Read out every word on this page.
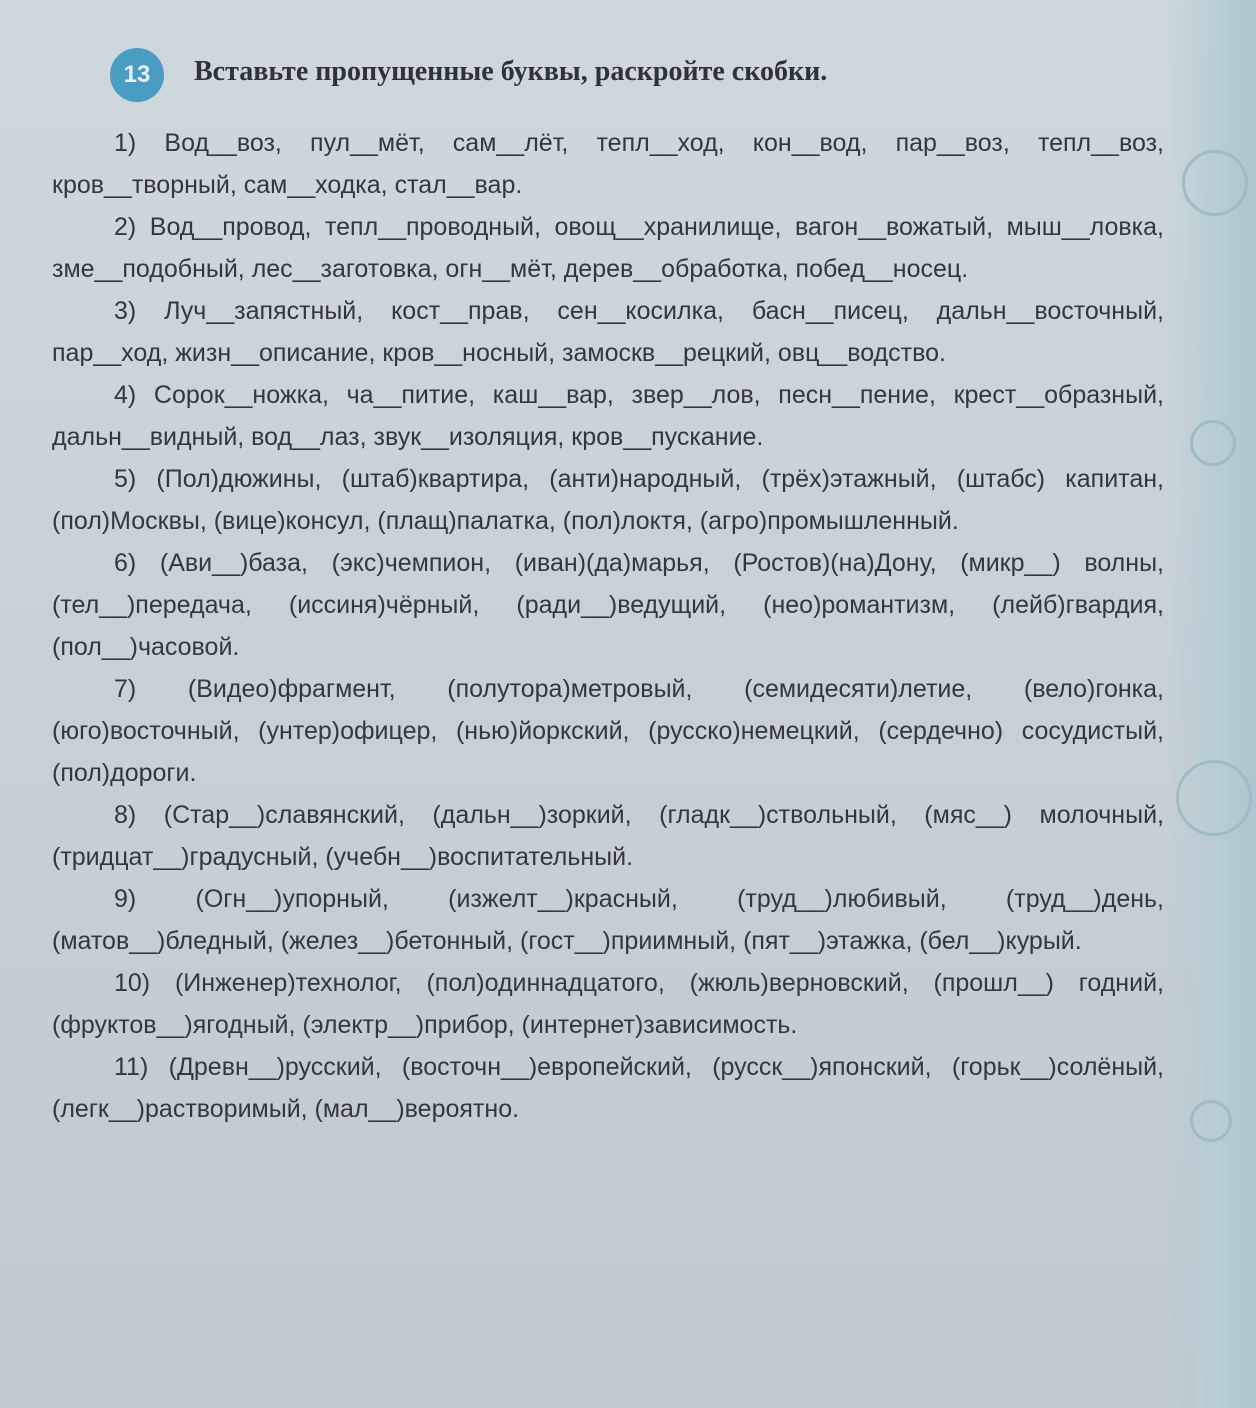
13	Вставьте пропущенные буквы, раскройте скобки.

1) Вод__воз, пул__мёт, сам__лёт, тепл__ход, кон__вод, пар__воз, тепл__воз, кров__творный, сам__ходка, стал__вар.

2) Вод__провод, тепл__проводный, овощ__хранилище, вагон__вожатый, мыш__ловка, зме__подобный, лес__заготовка, огн__мёт, дерев__обработка, побед__носец.

3) Луч__запястный, кост__прав, сен__косилка, басн__писец, дальн__восточный, пар__ход, жизн__описание, кров__носный, замоскв__рецкий, овц__водство.

4) Сорок__ножка, ча__питие, каш__вар, звер__лов, песн__пение, крест__образный, дальн__видный, вод__лаз, звук__изоляция, кров__пускание.

5) (Пол)дюжины, (штаб)квартира, (анти)народный, (трёх)этажный, (штабс) капитан, (пол)Москвы, (вице)консул, (плащ)палатка, (пол)локтя, (агро)промышленный.

6) (Ави__)база, (экс)чемпион, (иван)(да)марья, (Ростов)(на)Дону, (микр__) волны, (тел__)передача, (иссиня)чёрный, (ради__)ведущий, (нео)романтизм, (лейб)гвардия, (пол__)часовой.

7) (Видео)фрагмент, (полутора)метровый, (семидесяти)летие, (вело)гонка, (юго)восточный, (унтер)офицер, (нью)йоркский, (русско)немецкий, (сердечно) сосудистый, (пол)дороги.

8) (Стар__)славянский, (дальн__)зоркий, (гладк__)ствольный, (мяс__) молочный, (тридцат__)градусный, (учебн__)воспитательный.

9) (Огн__)упорный, (изжелт__)красный, (труд__)любивый, (труд__)день, (матов__)бледный, (желез__)бетонный, (гост__)приимный, (пят__)этажка, (бел__)курый.

10) (Инженер)технолог, (пол)одиннадцатого, (жюль)верновский, (прошл__) годний, (фруктов__)ягодный, (электр__)прибор, (интернет)зависимость.

11) (Древн__)русский, (восточн__)европейский, (русск__)японский, (горьк__)солёный, (легк__)растворимый, (мал__)вероятно.
